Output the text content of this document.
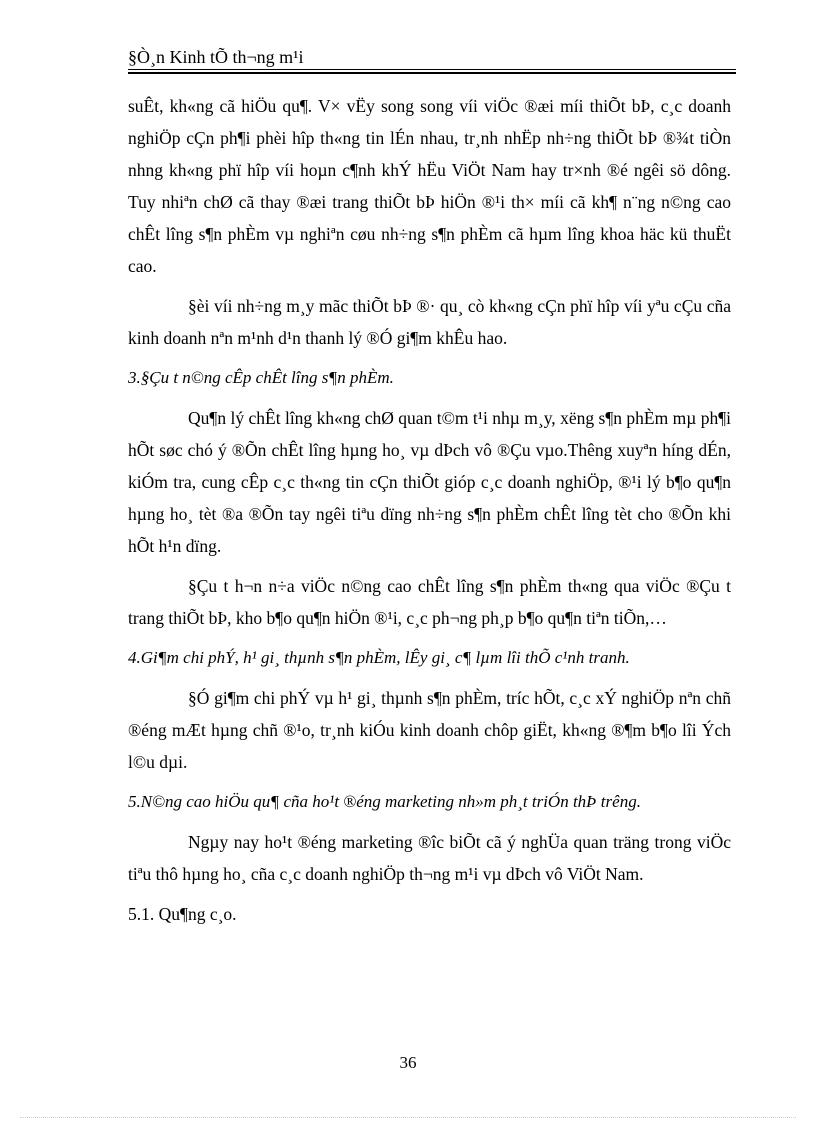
§Ò¸n Kinh tÕ th¬ng m¹i

suÊt, kh«ng cã hiÖu qu¶. V× vËy song song víi viÖc ®æi míi thiÕt bÞ, c¸c doanh nghiÖp cÇn ph¶i phèi hîp th«ng tin lÉn nhau, tr¸nh nhËp nh÷ng thiÕt bÞ ®¾t tiÒn nhng kh«ng phï hîp víi hoµn c¶nh khÝ hËu ViÖt Nam hay tr×nh ®é ngêi sö dông. Tuy nhiªn chØ cã thay ®æi trang thiÕt bÞ hiÖn ®¹i th× míi cã kh¶ n¨ng n©ng cao chÊt lîng s¶n phÈm vµ nghiªn cøu nh÷ng s¶n phÈm cã hµm lîng khoa häc kü thuËt cao.

§èi víi nh÷ng m¸y mãc thiÕt bÞ ®· qu¸ cò kh«ng cÇn phï hîp víi yªu cÇu cña kinh doanh nªn m¹nh d¹n thanh lý ®Ó gi¶m khÊu hao.

3.§Çu t n©ng cÊp chÊt lîng s¶n phÈm.

Qu¶n lý chÊt lîng kh«ng chØ quan t©m t¹i nhµ m¸y, xëng s¶n phÈm mµ ph¶i hÕt søc chó ý ®Õn chÊt lîng hµng ho¸ vµ dÞch vô ®Çu vµo.Thêng xuyªn híng dÉn, kiÓm tra, cung cÊp c¸c th«ng tin cÇn thiÕt gióp c¸c doanh nghiÖp, ®¹i lý b¶o qu¶n hµng ho¸ tèt ®a ®Õn tay ngêi tiªu dïng nh÷ng s¶n phÈm chÊt lîng tèt cho ®Õn khi hÕt h¹n dïng.

§Çu t h¬n n÷a viÖc n©ng cao chÊt lîng s¶n phÈm th«ng qua viÖc ®Çu t trang thiÕt bÞ, kho b¶o qu¶n hiÖn ®¹i, c¸c ph¬ng ph¸p b¶o qu¶n tiªn tiÕn,…

4.Gi¶m chi phÝ, h¹ gi¸ thµnh s¶n phÈm, lÊy gi¸ c¶ lµm lîi thÕ c¹nh tranh.

§Ó gi¶m chi phÝ vµ h¹ gi¸ thµnh s¶n phÈm, tríc hÕt, c¸c xÝ nghiÖp nªn chñ ®éng mÆt hµng chñ ®¹o, tr¸nh kiÓu kinh doanh chôp giËt, kh«ng ®¶m b¶o lîi Ých l©u dµi.

5.N©ng cao hiÖu qu¶ cña ho¹t ®éng marketing nh»m ph¸t triÓn thÞ trêng.

Ngµy nay ho¹t ®éng marketing ®îc biÕt cã ý nghÜa quan träng trong viÖc tiªu thô hµng ho¸ cña c¸c doanh nghiÖp th¬ng m¹i vµ dÞch vô ViÖt Nam.

5.1. Qu¶ng c¸o.

36
